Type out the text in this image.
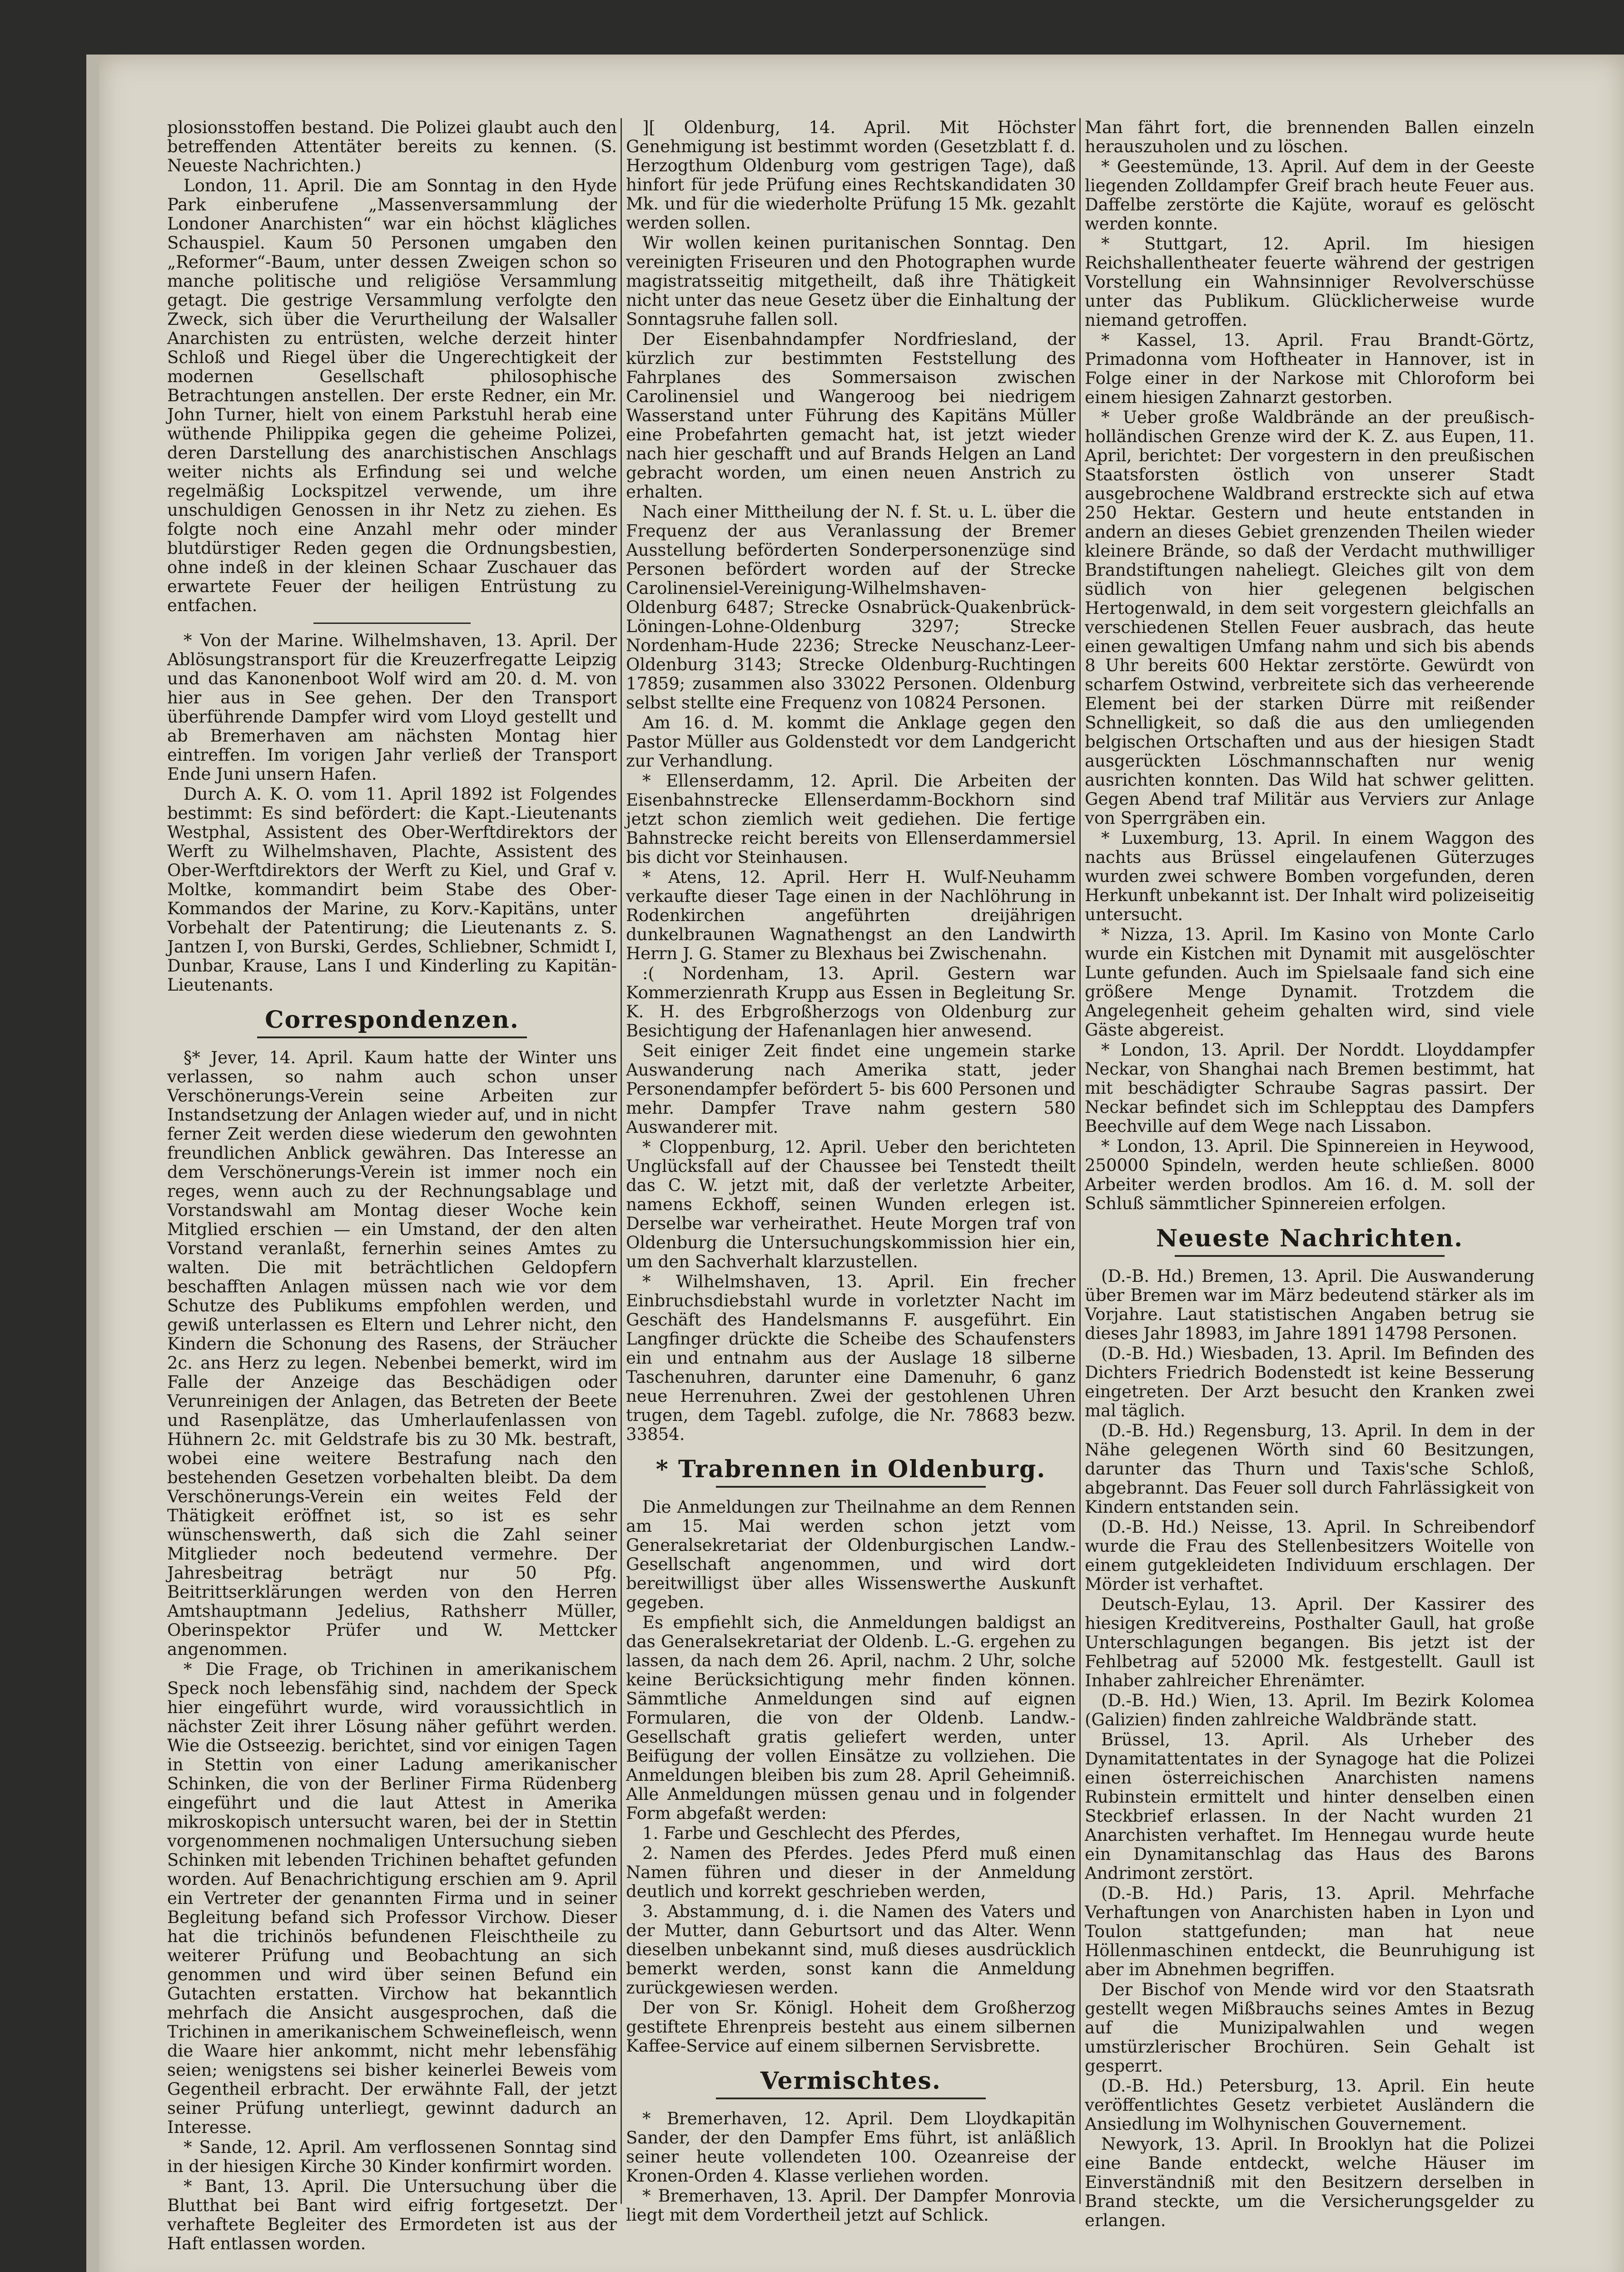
plosionsstoffen bestand. Die Polizei glaubt auch den betreffenden Attentäter bereits zu kennen. (S. Neueste Nachrichten.)

London, 11. April. Die am Sonntag in den Hyde Park einberufene „Massenversammlung der Londoner Anarchisten“ war ein höchst klägliches Schauspiel. Kaum 50 Personen umgaben den „Reformer“-Baum, unter dessen Zweigen schon so manche politische und religiöse Versammlung getagt. Die gestrige Versammlung verfolgte den Zweck, sich über die Verurtheilung der Walsaller Anarchisten zu entrüsten, welche derzeit hinter Schloß und Riegel über die Ungerechtigkeit der modernen Gesellschaft philosophische Betrachtungen anstellen. Der erste Redner, ein Mr. John Turner, hielt von einem Parkstuhl herab eine wüthende Philippika gegen die geheime Polizei, deren Darstellung des anarchistischen Anschlags weiter nichts als Erfindung sei und welche regelmäßig Lockspitzel verwende, um ihre unschuldigen Genossen in ihr Netz zu ziehen. Es folgte noch eine Anzahl mehr oder minder blutdürstiger Reden gegen die Ordnungsbestien, ohne indeß in der kleinen Schaar Zuschauer das erwartete Feuer der heiligen Entrüstung zu entfachen.

* Von der Marine. Wilhelmshaven, 13. April. Der Ablösungstransport für die Kreuzerfregatte Leipzig und das Kanonenboot Wolf wird am 20. d. M. von hier aus in See gehen. Der den Transport überführende Dampfer wird vom Lloyd gestellt und ab Bremerhaven am nächsten Montag hier eintreffen. Im vorigen Jahr verließ der Transport Ende Juni unsern Hafen.

Durch A. K. O. vom 11. April 1892 ist Folgendes bestimmt: Es sind befördert: die Kapt.-Lieutenants Westphal, Assistent des Ober-Werftdirektors der Werft zu Wilhelmshaven, Plachte, Assistent des Ober-Werftdirektors der Werft zu Kiel, und Graf v. Moltke, kommandirt beim Stabe des Ober-Kommandos der Marine, zu Korv.-Kapitäns, unter Vorbehalt der Patentirung; die Lieutenants z. S. Jantzen I, von Burski, Gerdes, Schliebner, Schmidt I, Dunbar, Krause, Lans I und Kinderling zu Kapitän-Lieutenants.

Correspondenzen.

§* Jever, 14. April. Kaum hatte der Winter uns verlassen, so nahm auch schon unser Verschönerungs-Verein seine Arbeiten zur Instandsetzung der Anlagen wieder auf, und in nicht ferner Zeit werden diese wiederum den gewohnten freundlichen Anblick gewähren. Das Interesse an dem Verschönerungs-Verein ist immer noch ein reges, wenn auch zu der Rechnungsablage und Vorstandswahl am Montag dieser Woche kein Mitglied erschien — ein Umstand, der den alten Vorstand veranlaßt, fernerhin seines Amtes zu walten. Die mit beträchtlichen Geldopfern beschafften Anlagen müssen nach wie vor dem Schutze des Publikums empfohlen werden, und gewiß unterlassen es Eltern und Lehrer nicht, den Kindern die Schonung des Rasens, der Sträucher 2c. ans Herz zu legen. Nebenbei bemerkt, wird im Falle der Anzeige das Beschädigen oder Verunreinigen der Anlagen, das Betreten der Beete und Rasenplätze, das Umherlaufenlassen von Hühnern 2c. mit Geldstrafe bis zu 30 Mk. bestraft, wobei eine weitere Bestrafung nach den bestehenden Gesetzen vorbehalten bleibt. Da dem Verschönerungs-Verein ein weites Feld der Thätigkeit eröffnet ist, so ist es sehr wünschenswerth, daß sich die Zahl seiner Mitglieder noch bedeutend vermehre. Der Jahresbeitrag beträgt nur 50 Pfg. Beitrittserklärungen werden von den Herren Amtshauptmann Jedelius, Rathsherr Müller, Oberinspektor Prüfer und W. Mettcker angenommen.

* Die Frage, ob Trichinen in amerikanischem Speck noch lebensfähig sind, nachdem der Speck hier eingeführt wurde, wird voraussichtlich in nächster Zeit ihrer Lösung näher geführt werden. Wie die Ostseezig. berichtet, sind vor einigen Tagen in Stettin von einer Ladung amerikanischer Schinken, die von der Berliner Firma Rüdenberg eingeführt und die laut Attest in Amerika mikroskopisch untersucht waren, bei der in Stettin vorgenommenen nochmaligen Untersuchung sieben Schinken mit lebenden Trichinen behaftet gefunden worden. Auf Benachrichtigung erschien am 9. April ein Vertreter der genannten Firma und in seiner Begleitung befand sich Professor Virchow. Dieser hat die trichinös befundenen Fleischtheile zu weiterer Prüfung und Beobachtung an sich genommen und wird über seinen Befund ein Gutachten erstatten. Virchow hat bekanntlich mehrfach die Ansicht ausgesprochen, daß die Trichinen in amerikanischem Schweinefleisch, wenn die Waare hier ankommt, nicht mehr lebensfähig seien; wenigstens sei bisher keinerlei Beweis vom Gegentheil erbracht. Der erwähnte Fall, der jetzt seiner Prüfung unterliegt, gewinnt dadurch an Interesse.

* Sande, 12. April. Am verflossenen Sonntag sind in der hiesigen Kirche 30 Kinder konfirmirt worden.

* Bant, 13. April. Die Untersuchung über die Blutthat bei Bant wird eifrig fortgesetzt. Der verhaftete Begleiter des Ermordeten ist aus der Haft entlassen worden.

][ Oldenburg, 14. April. Mit Höchster Genehmigung ist bestimmt worden (Gesetzblatt f. d. Herzogthum Oldenburg vom gestrigen Tage), daß hinfort für jede Prüfung eines Rechtskandidaten 30 Mk. und für die wiederholte Prüfung 15 Mk. gezahlt werden sollen.

Wir wollen keinen puritanischen Sonntag. Den vereinigten Friseuren und den Photographen wurde magistratsseitig mitgetheilt, daß ihre Thätigkeit nicht unter das neue Gesetz über die Einhaltung der Sonntagsruhe fallen soll.

Der Eisenbahndampfer Nordfriesland, der kürzlich zur bestimmten Feststellung des Fahrplanes des Sommersaison zwischen Carolinensiel und Wangeroog bei niedrigem Wasserstand unter Führung des Kapitäns Müller eine Probefahrten gemacht hat, ist jetzt wieder nach hier geschafft und auf Brands Helgen an Land gebracht worden, um einen neuen Anstrich zu erhalten.

Nach einer Mittheilung der N. f. St. u. L. über die Frequenz der aus Veranlassung der Bremer Ausstellung beförderten Sonderpersonenzüge sind Personen befördert worden auf der Strecke Carolinensiel-Vereinigung-Wilhelmshaven-Oldenburg 6487; Strecke Osnabrück-Quakenbrück-Löningen-Lohne-Oldenburg 3297; Strecke Nordenham-Hude 2236; Strecke Neuschanz-Leer-Oldenburg 3143; Strecke Oldenburg-Ruchtingen 17859; zusammen also 33022 Personen. Oldenburg selbst stellte eine Frequenz von 10824 Personen.

Am 16. d. M. kommt die Anklage gegen den Pastor Müller aus Goldenstedt vor dem Landgericht zur Verhandlung.

* Ellenserdamm, 12. April. Die Arbeiten der Eisenbahnstrecke Ellenserdamm-Bockhorn sind jetzt schon ziemlich weit gediehen. Die fertige Bahnstrecke reicht bereits von Ellenserdammersiel bis dicht vor Steinhausen.

* Atens, 12. April. Herr H. Wulf-Neuhamm verkaufte dieser Tage einen in der Nachlöhrung in Rodenkirchen angeführten dreijährigen dunkelbraunen Wagnathengst an den Landwirth Herrn J. G. Stamer zu Blexhaus bei Zwischenahn.

:( Nordenham, 13. April. Gestern war Kommerzienrath Krupp aus Essen in Begleitung Sr. K. H. des Erbgroßherzogs von Oldenburg zur Besichtigung der Hafenanlagen hier anwesend.

Seit einiger Zeit findet eine ungemein starke Auswanderung nach Amerika statt, jeder Personendampfer befördert 5- bis 600 Personen und mehr. Dampfer Trave nahm gestern 580 Auswanderer mit.

* Cloppenburg, 12. April. Ueber den berichteten Unglücksfall auf der Chaussee bei Tenstedt theilt das C. W. jetzt mit, daß der verletzte Arbeiter, namens Eckhoff, seinen Wunden erlegen ist. Derselbe war verheirathet. Heute Morgen traf von Oldenburg die Untersuchungskommission hier ein, um den Sachverhalt klarzustellen.

* Wilhelmshaven, 13. April. Ein frecher Einbruchsdiebstahl wurde in vorletzter Nacht im Geschäft des Handelsmanns F. ausgeführt. Ein Langfinger drückte die Scheibe des Schaufensters ein und entnahm aus der Auslage 18 silberne Taschenuhren, darunter eine Damenuhr, 6 ganz neue Herrenuhren. Zwei der gestohlenen Uhren trugen, dem Tagebl. zufolge, die Nr. 78683 bezw. 33854.

* Trabrennen in Oldenburg.

Die Anmeldungen zur Theilnahme an dem Rennen am 15. Mai werden schon jetzt vom Generalsekretariat der Oldenburgischen Landw.-Gesellschaft angenommen, und wird dort bereitwilligst über alles Wissenswerthe Auskunft gegeben.

Es empfiehlt sich, die Anmeldungen baldigst an das Generalsekretariat der Oldenb. L.-G. ergehen zu lassen, da nach dem 26. April, nachm. 2 Uhr, solche keine Berücksichtigung mehr finden können. Sämmtliche Anmeldungen sind auf eignen Formularen, die von der Oldenb. Landw.-Gesellschaft gratis geliefert werden, unter Beifügung der vollen Einsätze zu vollziehen. Die Anmeldungen bleiben bis zum 28. April Geheimniß. Alle Anmeldungen müssen genau und in folgender Form abgefaßt werden:

1. Farbe und Geschlecht des Pferdes,

2. Namen des Pferdes. Jedes Pferd muß einen Namen führen und dieser in der Anmeldung deutlich und korrekt geschrieben werden,

3. Abstammung, d. i. die Namen des Vaters und der Mutter, dann Geburtsort und das Alter. Wenn dieselben unbekannt sind, muß dieses ausdrücklich bemerkt werden, sonst kann die Anmeldung zurückgewiesen werden.

Der von Sr. Königl. Hoheit dem Großherzog gestiftete Ehrenpreis besteht aus einem silbernen Kaffee-Service auf einem silbernen Servisbrette.

Vermischtes.

* Bremerhaven, 12. April. Dem Lloydkapitän Sander, der den Dampfer Ems führt, ist anläßlich seiner heute vollendeten 100. Ozeanreise der Kronen-Orden 4. Klasse verliehen worden.

* Bremerhaven, 13. April. Der Dampfer Monrovia liegt mit dem Vordertheil jetzt auf Schlick.

Man fährt fort, die brennenden Ballen einzeln herauszuholen und zu löschen.

* Geestemünde, 13. April. Auf dem in der Geeste liegenden Zolldampfer Greif brach heute Feuer aus. Daffelbe zerstörte die Kajüte, worauf es gelöscht werden konnte.

* Stuttgart, 12. April. Im hiesigen Reichshallentheater feuerte während der gestrigen Vorstellung ein Wahnsinniger Revolverschüsse unter das Publikum. Glücklicherweise wurde niemand getroffen.

* Kassel, 13. April. Frau Brandt-Görtz, Primadonna vom Hoftheater in Hannover, ist in Folge einer in der Narkose mit Chloroform bei einem hiesigen Zahnarzt gestorben.

* Ueber große Waldbrände an der preußisch-holländischen Grenze wird der K. Z. aus Eupen, 11. April, berichtet: Der vorgestern in den preußischen Staatsforsten östlich von unserer Stadt ausgebrochene Waldbrand erstreckte sich auf etwa 250 Hektar. Gestern und heute entstanden in andern an dieses Gebiet grenzenden Theilen wieder kleinere Brände, so daß der Verdacht muthwilliger Brandstiftungen naheliegt. Gleiches gilt von dem südlich von hier gelegenen belgischen Hertogenwald, in dem seit vorgestern gleichfalls an verschiedenen Stellen Feuer ausbrach, das heute einen gewaltigen Umfang nahm und sich bis abends 8 Uhr bereits 600 Hektar zerstörte. Gewürdt von scharfem Ostwind, verbreitete sich das verheerende Element bei der starken Dürre mit reißender Schnelligkeit, so daß die aus den umliegenden belgischen Ortschaften und aus der hiesigen Stadt ausgerückten Löschmannschaften nur wenig ausrichten konnten. Das Wild hat schwer gelitten. Gegen Abend traf Militär aus Verviers zur Anlage von Sperrgräben ein.

* Luxemburg, 13. April. In einem Waggon des nachts aus Brüssel eingelaufenen Güterzuges wurden zwei schwere Bomben vorgefunden, deren Herkunft unbekannt ist. Der Inhalt wird polizeiseitig untersucht.

* Nizza, 13. April. Im Kasino von Monte Carlo wurde ein Kistchen mit Dynamit mit ausgelöschter Lunte gefunden. Auch im Spielsaale fand sich eine größere Menge Dynamit. Trotzdem die Angelegenheit geheim gehalten wird, sind viele Gäste abgereist.

* London, 13. April. Der Norddt. Lloyddampfer Neckar, von Shanghai nach Bremen bestimmt, hat mit beschädigter Schraube Sagras passirt. Der Neckar befindet sich im Schlepptau des Dampfers Beechville auf dem Wege nach Lissabon.

* London, 13. April. Die Spinnereien in Heywood, 250000 Spindeln, werden heute schließen. 8000 Arbeiter werden brodlos. Am 16. d. M. soll der Schluß sämmtlicher Spinnereien erfolgen.

Neueste Nachrichten.

(D.-B. Hd.) Bremen, 13. April. Die Auswanderung über Bremen war im März bedeutend stärker als im Vorjahre. Laut statistischen Angaben betrug sie dieses Jahr 18983, im Jahre 1891 14798 Personen.

(D.-B. Hd.) Wiesbaden, 13. April. Im Befinden des Dichters Friedrich Bodenstedt ist keine Besserung eingetreten. Der Arzt besucht den Kranken zwei mal täglich.

(D.-B. Hd.) Regensburg, 13. April. In dem in der Nähe gelegenen Wörth sind 60 Besitzungen, darunter das Thurn und Taxis'sche Schloß, abgebrannt. Das Feuer soll durch Fahrlässigkeit von Kindern entstanden sein.

(D.-B. Hd.) Neisse, 13. April. In Schreibendorf wurde die Frau des Stellenbesitzers Woitelle von einem gutgekleideten Individuum erschlagen. Der Mörder ist verhaftet.

Deutsch-Eylau, 13. April. Der Kassirer des hiesigen Kreditvereins, Posthalter Gaull, hat große Unterschlagungen begangen. Bis jetzt ist der Fehlbetrag auf 52000 Mk. festgestellt. Gaull ist Inhaber zahlreicher Ehrenämter.

(D.-B. Hd.) Wien, 13. April. Im Bezirk Kolomea (Galizien) finden zahlreiche Waldbrände statt.

Brüssel, 13. April. Als Urheber des Dynamitattentates in der Synagoge hat die Polizei einen österreichischen Anarchisten namens Rubinstein ermittelt und hinter denselben einen Steckbrief erlassen. In der Nacht wurden 21 Anarchisten verhaftet. Im Hennegau wurde heute ein Dynamitanschlag das Haus des Barons Andrimont zerstört.

(D.-B. Hd.) Paris, 13. April. Mehrfache Verhaftungen von Anarchisten haben in Lyon und Toulon stattgefunden; man hat neue Höllenmaschinen entdeckt, die Beunruhigung ist aber im Abnehmen begriffen.

Der Bischof von Mende wird vor den Staatsrath gestellt wegen Mißbrauchs seines Amtes in Bezug auf die Munizipalwahlen und wegen umstürzlerischer Brochüren. Sein Gehalt ist gesperrt.

(D.-B. Hd.) Petersburg, 13. April. Ein heute veröffentlichtes Gesetz verbietet Ausländern die Ansiedlung im Wolhynischen Gouvernement.

Newyork, 13. April. In Brooklyn hat die Polizei eine Bande entdeckt, welche Häuser im Einverständniß mit den Besitzern derselben in Brand steckte, um die Versicherungsgelder zu erlangen.
